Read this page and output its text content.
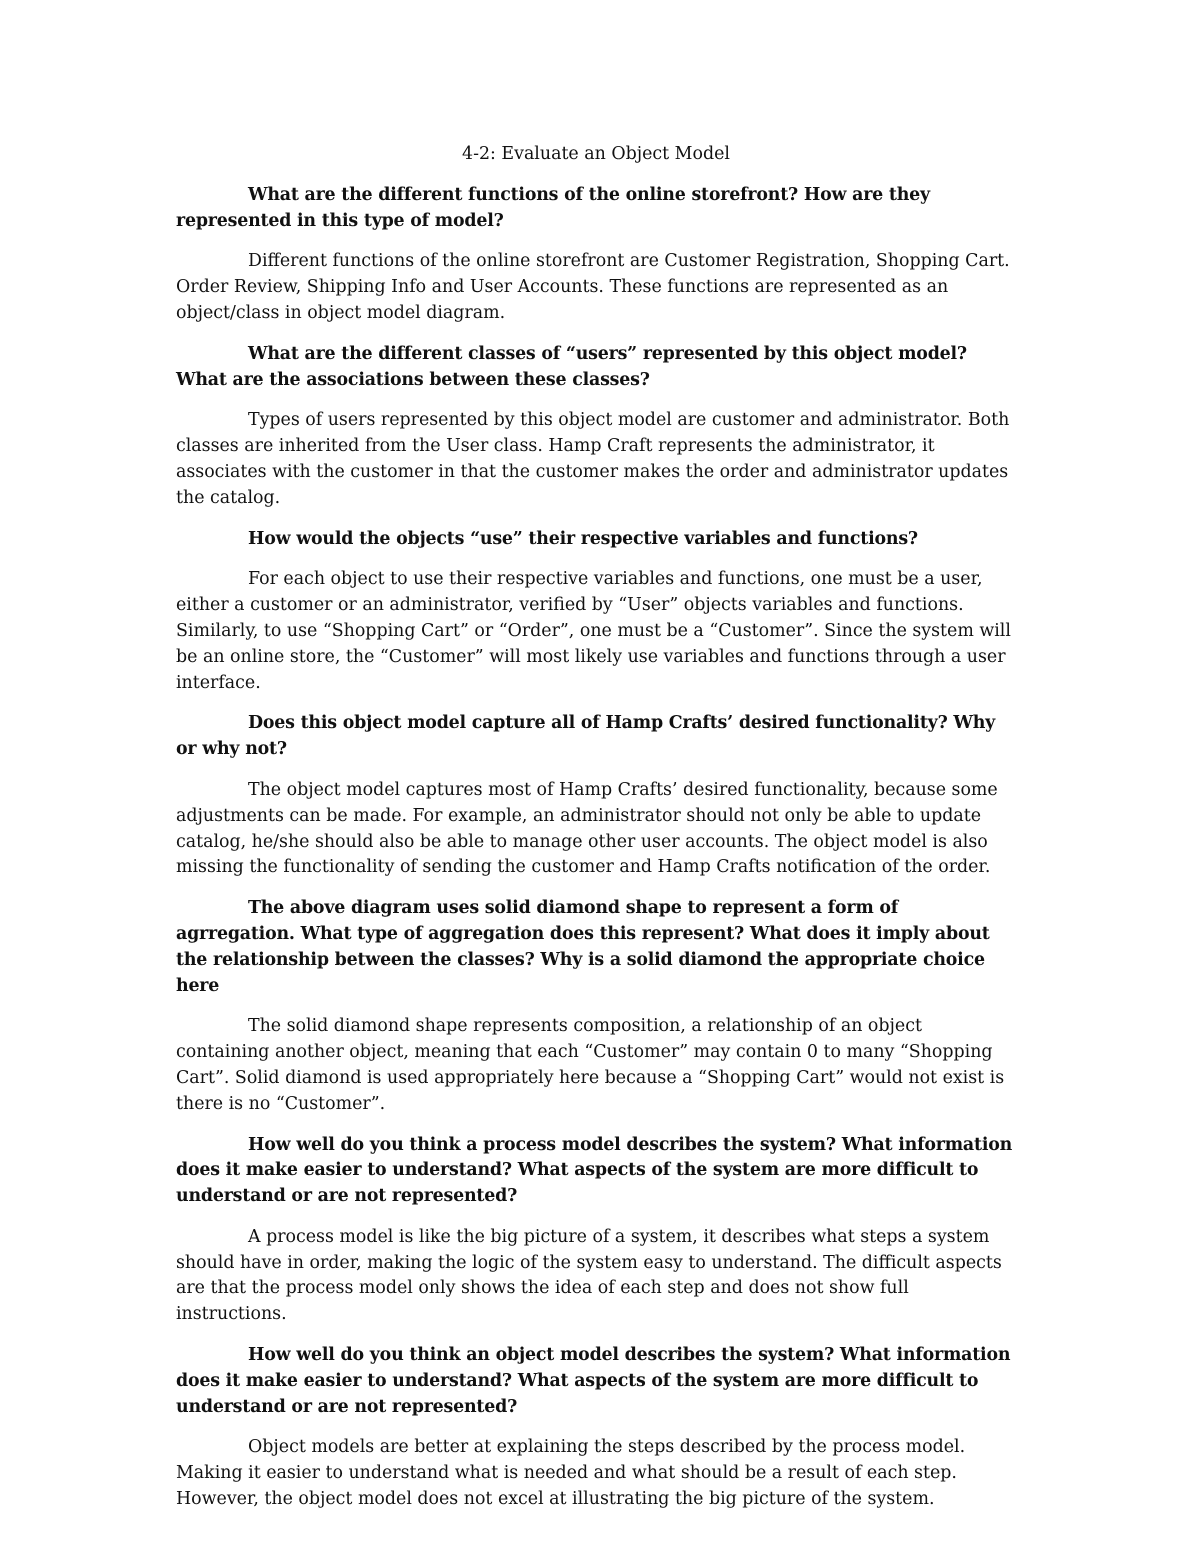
4-2: Evaluate an Object Model

What are the different functions of the online storefront? How are they represented in this type of model?

Different functions of the online storefront are Customer Registration, Shopping Cart. Order Review, Shipping Info and User Accounts. These functions are represented as an object/class in object model diagram.

What are the different classes of “users” represented by this object model? What are the associations between these classes?

Types of users represented by this object model are customer and administrator. Both classes are inherited from the User class. Hamp Craft represents the administrator, it associates with the customer in that the customer makes the order and administrator updates the catalog.

How would the objects “use” their respective variables and functions?

For each object to use their respective variables and functions, one must be a user, either a customer or an administrator, verified by “User” objects variables and functions. Similarly, to use “Shopping Cart” or “Order”, one must be a “Customer”. Since the system will be an online store, the “Customer” will most likely use variables and functions through a user interface.

Does this object model capture all of Hamp Crafts’ desired functionality? Why or why not?

The object model captures most of Hamp Crafts’ desired functionality, because some adjustments can be made. For example, an administrator should not only be able to update catalog, he/she should also be able to manage other user accounts. The object model is also missing the functionality of sending the customer and Hamp Crafts notification of the order.

The above diagram uses solid diamond shape to represent a form of agrregation. What type of aggregation does this represent? What does it imply about the relationship between the classes? Why is a solid diamond the appropriate choice here

The solid diamond shape represents composition, a relationship of an object containing another object, meaning that each “Customer” may contain 0 to many “Shopping Cart”. Solid diamond is used appropriately here because a “Shopping Cart” would not exist is there is no “Customer”.

How well do you think a process model describes the system? What information does it make easier to understand? What aspects of the system are more difficult to understand or are not represented?

A process model is like the big picture of a system, it describes what steps a system should have in order, making the logic of the system easy to understand. The difficult aspects are that the process model only shows the idea of each step and does not show full instructions.

How well do you think an object model describes the system? What information does it make easier to understand? What aspects of the system are more difficult to understand or are not represented?

Object models are better at explaining the steps described by the process model. Making it easier to understand what is needed and what should be a result of each step. However, the object model does not excel at illustrating the big picture of the system.
